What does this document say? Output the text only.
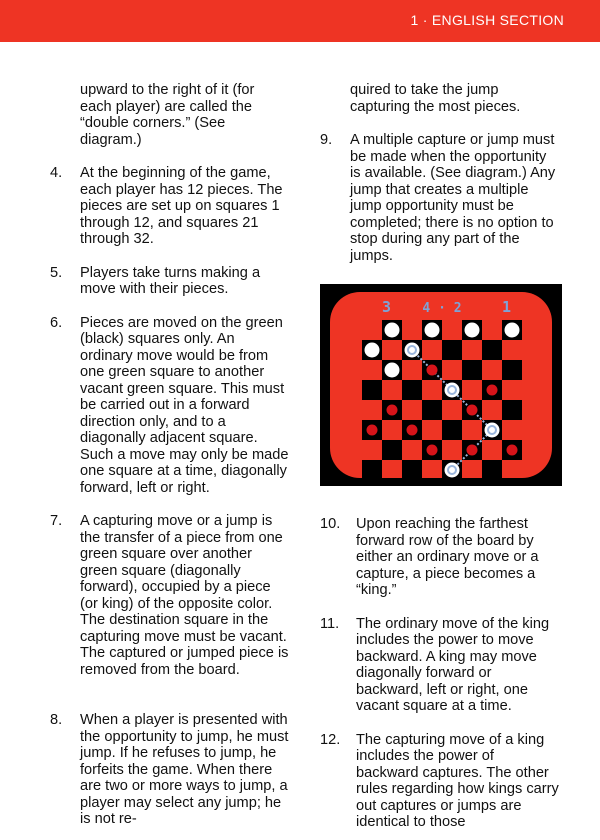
1 · ENGLISH SECTION
upward to the right of it (for each player) are called the “double corners.” (See diagram.)
4. At the beginning of the game, each player has 12 pieces. The pieces are set up on squares 1 through 12, and squares 21 through 32.
5. Players take turns making a move with their pieces.
6. Pieces are moved on the green (black) squares only. An ordinary move would be from one green square to another vacant green square. This must be carried out in a forward direction only, and to a diagonally adjacent square. Such a move may only be made one square at a time, diagonally forward, left or right.
7. A capturing move or a jump is the transfer of a piece from one green square over another green square (diagonally forward), occupied by a piece (or king) of the opposite color. The destination square in the capturing move must be vacant. The captured or jumped piece is removed from the board.
8. When a player is presented with the opportunity to jump, he must jump. If he refuses to jump, he forfeits the game. When there are two or more ways to jump, a player may select any jump; he is not re-
quired to take the jump capturing the most pieces.
9. A multiple capture or jump must be made when the opportunity is available. (See diagram.) Any jump that creates a multiple jump opportunity must be completed; there is no option to stop during any part of the jumps.
3 4 · 2	1
10. Upon reaching the farthest forward row of the board by either an ordinary move or a capture, a piece becomes a “king.”
11. The ordinary move of the king includes the power to move backward. A king may move diagonally forward or backward, left or right, one vacant square at a time.
12. The capturing move of a king includes the power of backward captures. The other rules regarding how kings carry out captures or jumps are identical to those
